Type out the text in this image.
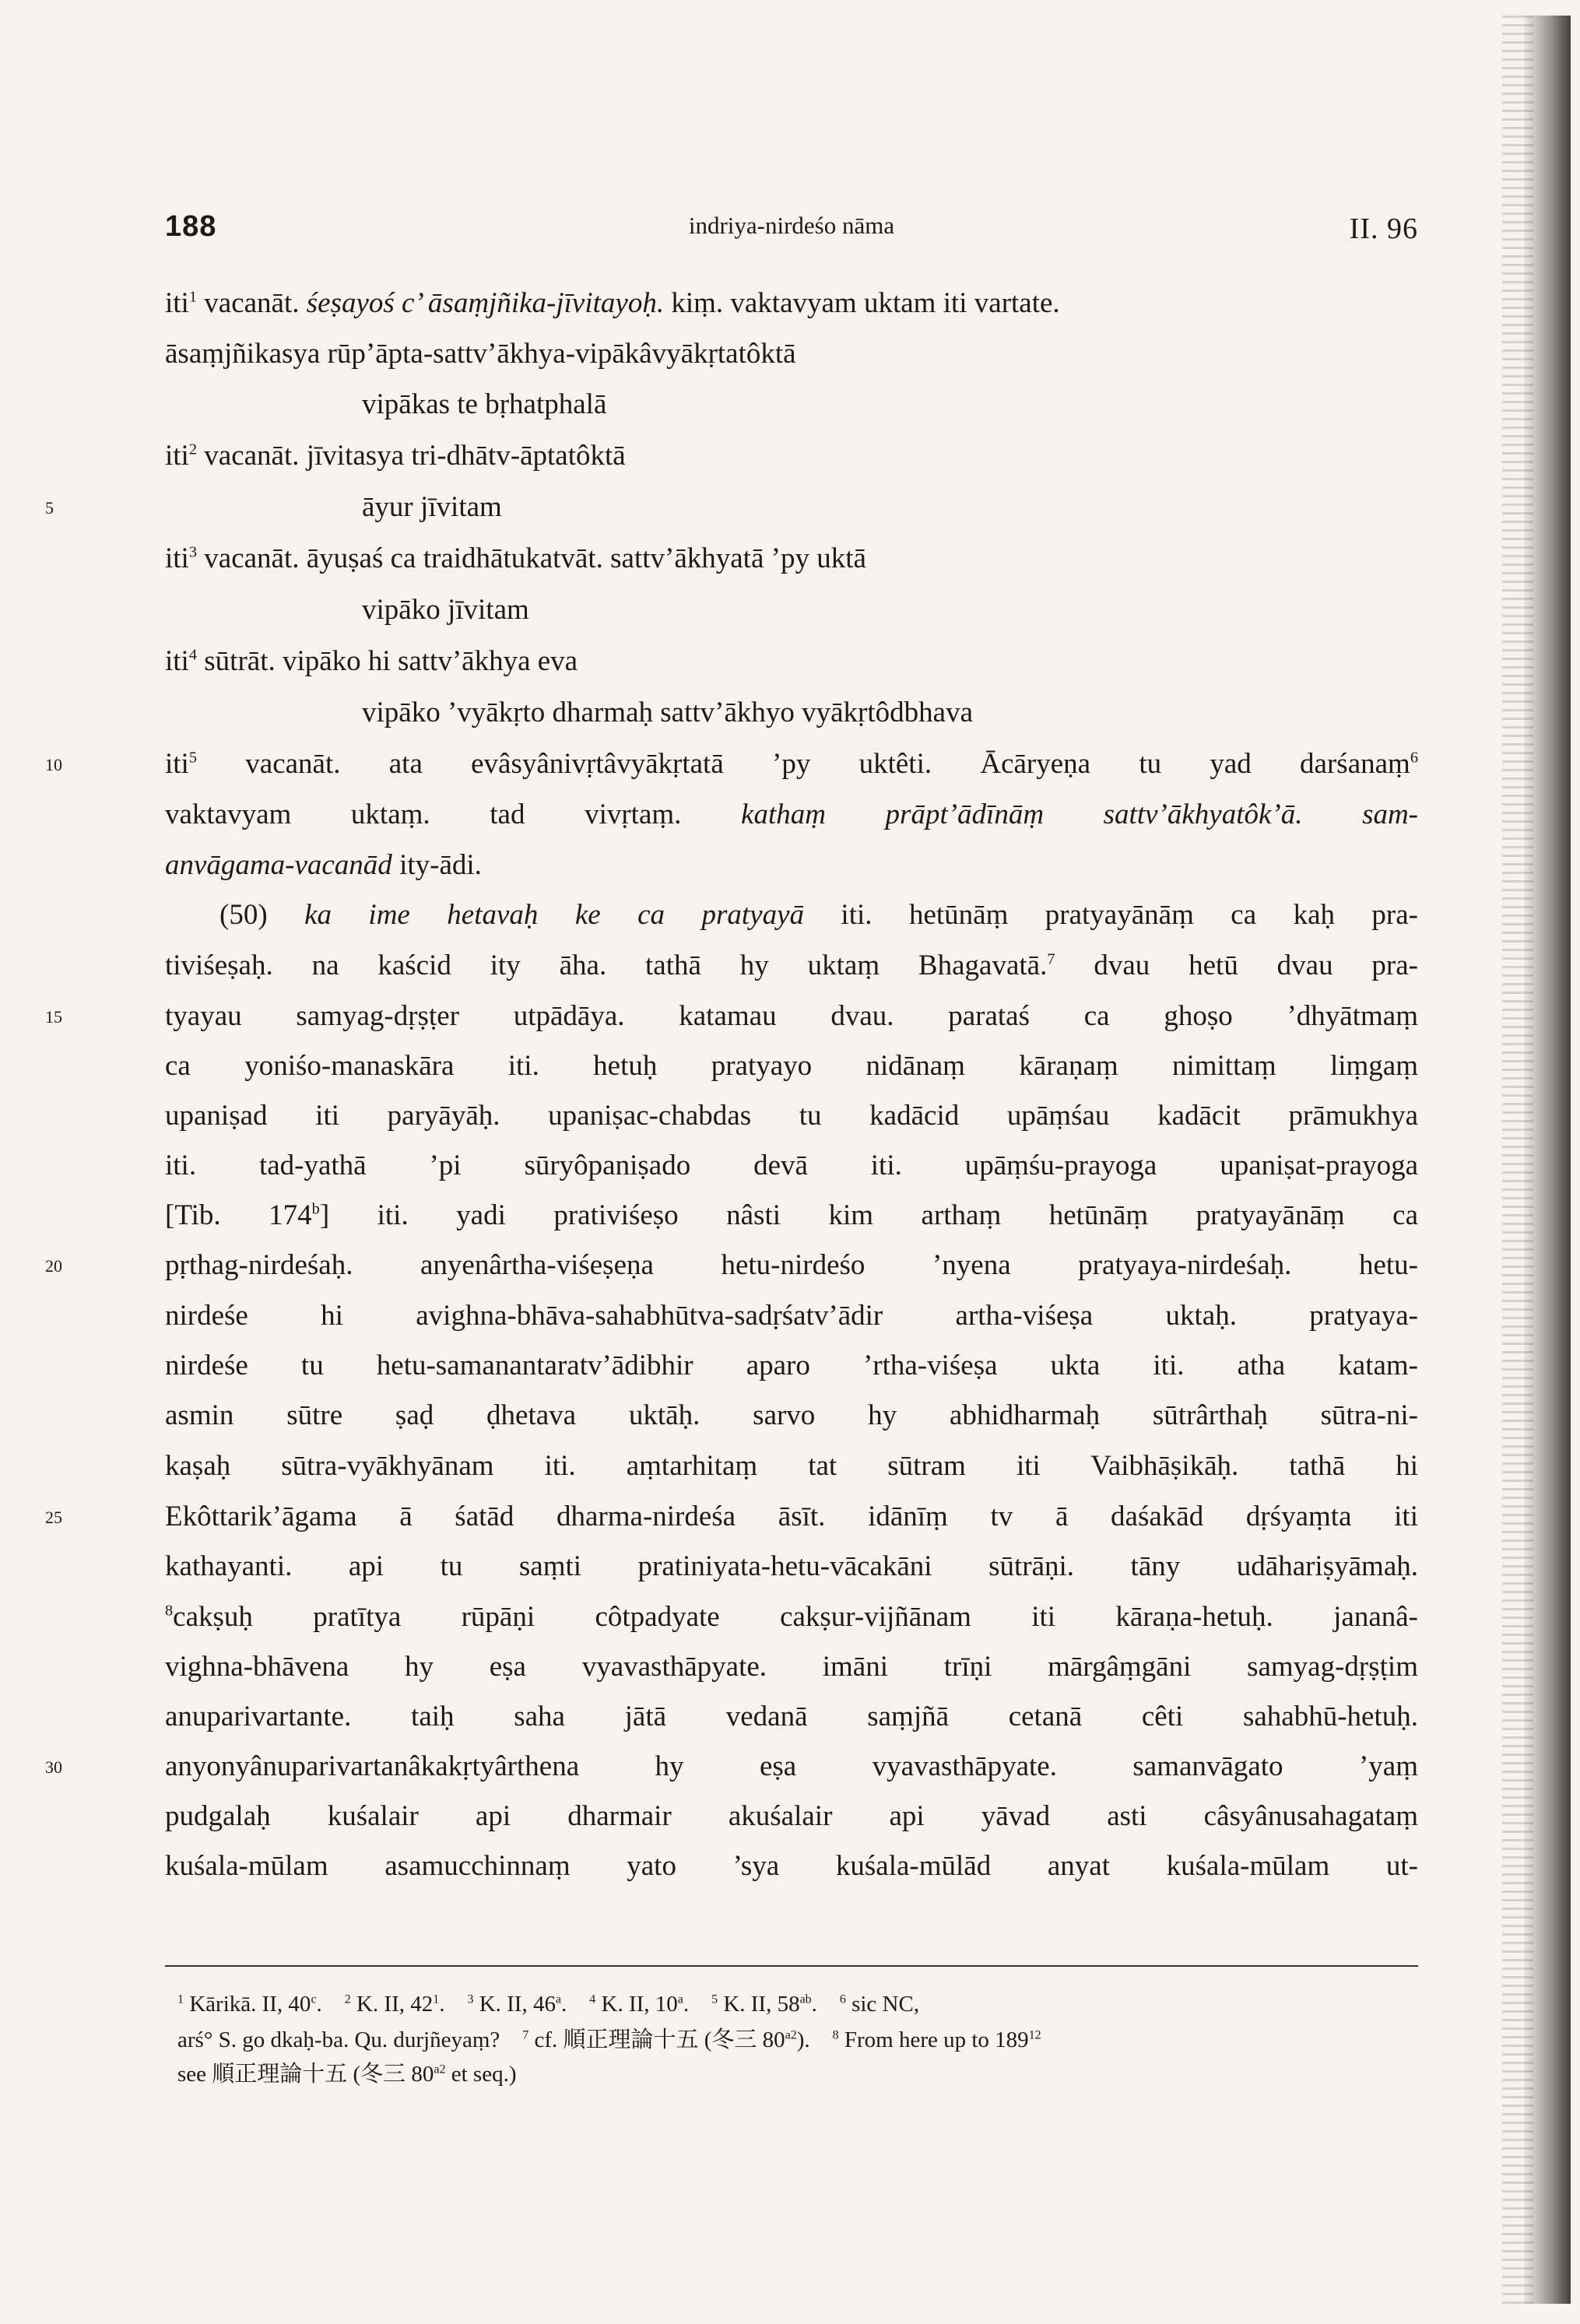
188	indriya-nirdeśo nāma	II. 96
5
10
15
20
25
30
iti$^1$ vacanāt. śeṣayoś c’ āsaṃjñika-jīvitayoḥ. kiṃ. vaktavyam uktam iti vartate.
āsaṃjñikasya rūp’āpta-sattv’ākhya-vipākâvyākṛtatôktā
vipākas te bṛhatphalā
iti$^2$ vacanāt. jīvitasya tri-dhātv-āptatôktā
āyur jīvitam
iti$^3$ vacanāt. āyuṣaś ca traidhātukatvāt. sattv’ākhyatā ’py uktā
vipāko jīvitam
iti$^4$ sūtrāt. vipāko hi sattv’ākhya eva
vipāko ’vyākṛto dharmaḥ sattv’ākhyo vyākṛtôdbhava
iti$^5$ vacanāt. ata evâsyânivṛtâvyākṛtatā ’py uktêti. Ācāryeṇa tu yad darśanaṃ$^6$
vaktavyam uktaṃ. tad vivṛtaṃ. kathaṃ prāpt’ādīnāṃ sattv’ākhyatôk’ā. sam-
anvāgama-vacanād ity-ādi.
(50) ka ime hetavaḥ ke ca pratyayā iti. hetūnāṃ pratyayānāṃ ca kaḥ pra-
tiviśeṣaḥ. na kaścid ity āha. tathā hy uktaṃ Bhagavatā.$^7$ dvau hetū dvau pra-
tyayau samyag-dṛṣṭer utpādāya. katamau dvau. parataś ca ghoṣo ’dhyātmaṃ
ca yoniśo-manaskāra iti. hetuḥ pratyayo nidānaṃ kāraṇaṃ nimittaṃ liṃgaṃ
upaniṣad iti paryāyāḥ. upaniṣac-chabdas tu kadācid upāṃśau kadācit prāmukhya
iti. tad-yathā ’pi sūryôpaniṣado devā iti. upāṃśu-prayoga upaniṣat-prayoga
[Tib. 174$^b$] iti. yadi prativiśeṣo nâsti kim arthaṃ hetūnāṃ pratyayānāṃ ca
pṛthag-nirdeśaḥ. anyenârtha-viśeṣeṇa hetu-nirdeśo ’nyena pratyaya-nirdeśaḥ. hetu-
nirdeśe hi avighna-bhāva-sahabhūtva-sadṛśatv’ādir artha-viśeṣa uktaḥ. pratyaya-
nirdeśe tu hetu-samanantaratv’ādibhir aparo ’rtha-viśeṣa ukta iti. atha katam-
asmin sūtre ṣaḍ ḍhetava uktāḥ. sarvo hy abhidharmaḥ sūtrârthaḥ sūtra-ni-
kaṣaḥ sūtra-vyākhyānam iti. aṃtarhitaṃ tat sūtram iti Vaibhāṣikāḥ. tathā hi
Ekôttarik’āgama ā śatād dharma-nirdeśa āsīt. idānīṃ tv ā daśakād dṛśyaṃta iti
kathayanti. api tu saṃti pratiniyata-hetu-vācakāni sūtrāṇi. tāny udāhariṣyāmaḥ.
$^8$cakṣuḥ pratītya rūpāṇi côtpadyate cakṣur-vijñānam iti kāraṇa-hetuḥ. jananâ-
vighna-bhāvena hy eṣa vyavasthāpyate. imāni trīṇi mārgâṃgāni samyag-dṛṣṭim
anuparivartante. taiḥ saha jātā vedanā saṃjñā cetanā cêti sahabhū-hetuḥ.
anyonyânuparivartanâkakṛtyârthena hy eṣa vyavasthāpyate. samanvāgato ’yaṃ
pudgalaḥ kuśalair api dharmair akuśalair api yāvad asti câsyânusahagataṃ
kuśala-mūlam asamucchinnaṃ yato ’sya kuśala-mūlād anyat kuśala-mūlam ut-
$^1$ Kārikā. II, 40$^c$.    $^2$ K. II, $42^1$.    $^3$ K. II, 46$^a$.    $^4$ K. II, 10$^a$.    $^5$ K. II, $58^{ab}$.    $^6$ sic NC,
arś° S. go dkaḥ-ba. Qu. durjñeyaṃ? $^7$ cf. 順正理論十五 (冬三 $80^{a2}$). $^8$ From here up to $189^{12}$
see 順正理論十五 (冬三 $80^{a2}$ et seq.)
